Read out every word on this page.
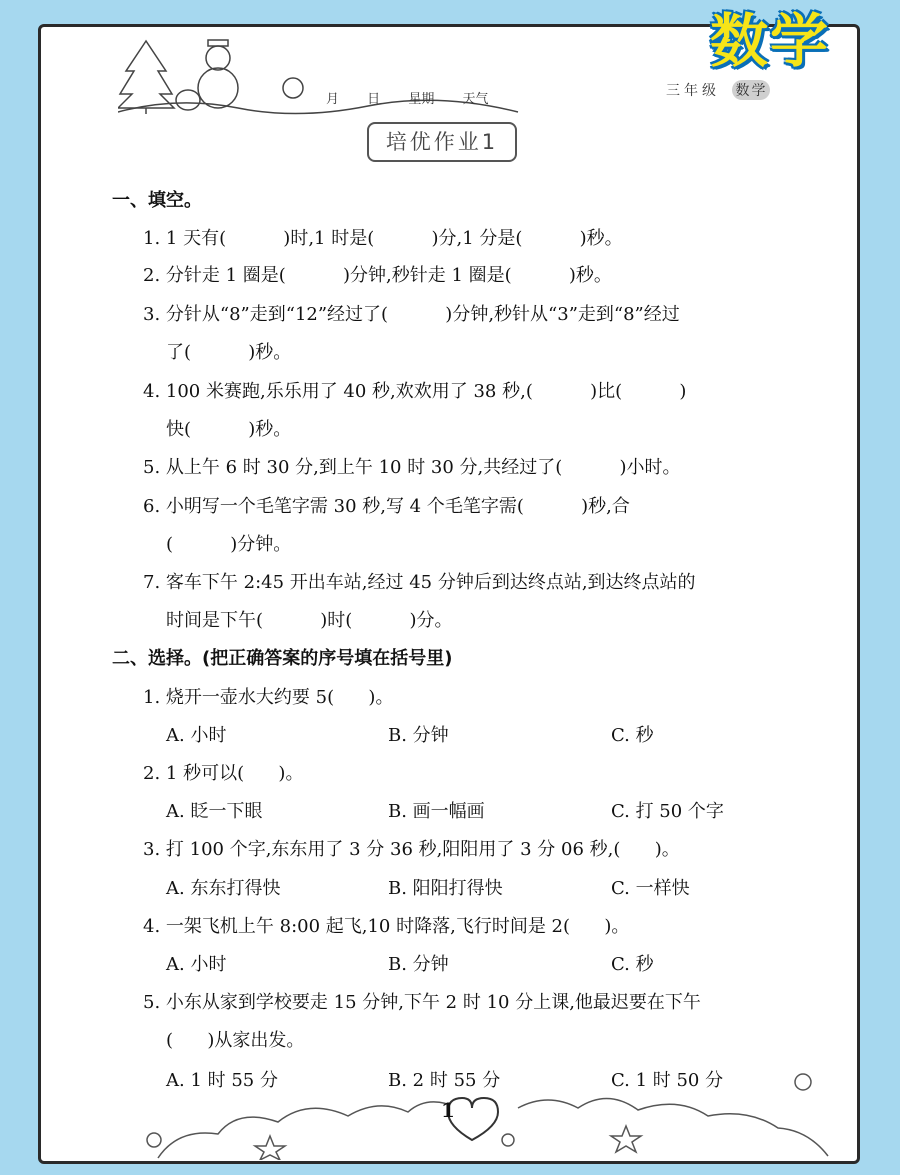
数学
月 日 星期 天气
三年级 数学
培优作业1
一、填空。
1. 1 天有(          )时,1 时是(          )分,1 分是(          )秒。
2. 分针走 1 圈是(          )分钟,秒针走 1 圈是(          )秒。
3. 分针从“8”走到“12”经过了(          )分钟,秒针从“3”走到“8”经过
了(          )秒。
4. 100 米赛跑,乐乐用了 40 秒,欢欢用了 38 秒,(          )比(          )
快(          )秒。
5. 从上午 6 时 30 分,到上午 10 时 30 分,共经过了(          )小时。
6. 小明写一个毛笔字需 30 秒,写 4 个毛笔字需(          )秒,合
(          )分钟。
7. 客车下午 2:45 开出车站,经过 45 分钟后到达终点站,到达终点站的
时间是下午(          )时(          )分。
二、选择。(把正确答案的序号填在括号里)
1. 烧开一壶水大约要 5(      )。
A. 小时	B. 分钟	C. 秒
2. 1 秒可以(      )。
A. 眨一下眼	B. 画一幅画	C. 打 50 个字
3. 打 100 个字,东东用了 3 分 36 秒,阳阳用了 3 分 06 秒,(      )。
A. 东东打得快	B. 阳阳打得快	C. 一样快
4. 一架飞机上午 8:00 起飞,10 时降落,飞行时间是 2(      )。
A. 小时	B. 分钟	C. 秒
5. 小东从家到学校要走 15 分钟,下午 2 时 10 分上课,他最迟要在下午
(      )从家出发。
A. 1 时 55 分	B. 2 时 55 分	C. 1 时 50 分
1
